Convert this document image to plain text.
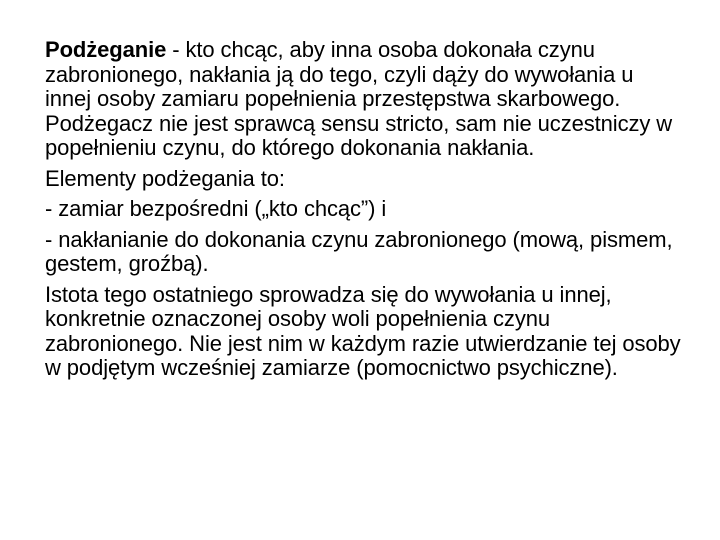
Podżeganie - kto chcąc, aby inna osoba dokonała czynu zabronionego, nakłania ją do tego, czyli dąży do wywołania u innej osoby zamiaru popełnienia przestępstwa skarbowego. Podżegacz nie jest sprawcą sensu stricto, sam nie uczestniczy w popełnieniu czynu, do którego dokonania nakłania.

Elementy podżegania to:

- zamiar bezpośredni („kto chcąc”) i

- nakłanianie do dokonania czynu zabronionego (mową, pismem, gestem, groźbą).

Istota tego ostatniego sprowadza się do wywołania u innej, konkretnie oznaczonej osoby woli popełnienia czynu zabronionego. Nie jest nim w każdym razie utwierdzanie tej osoby w podjętym wcześniej zamiarze (pomocnictwo psychiczne).
